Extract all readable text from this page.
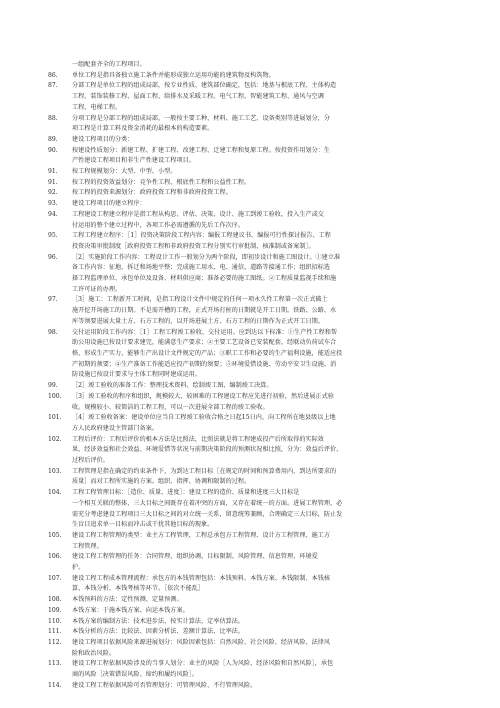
一组配套齐全的工程项目。
86.	单位工程是指具备独立施工条件并能形成独立运用功能的建筑物及构筑物。
87.	分部工程是单位工程的组成局部，按专业性质、建筑部位确定，包括：地基与根底工程、主体构造
工程、装饰装修工程、屋面工程、给排水及采暖工程、电气工程、智能建筑工程、通风与空调
工程、电梯工程。
88.	分项工程是分部工程的组成局部，一般按主要工种、材料、施工工艺、设备类别等进展划分，分
项工程是计算工料及资金消耗的最根本的构造要素。
89.	建设工程项目的分类：
90.	按建设性质划分：新建工程、扩建工程、改建工程、迁建工程和复原工程。按投资作用划分：生
产性建设工程项目和非生产性建设工程项目。
91.	按工程规模划分：大型、中型、小型。
91.	按工程的投资效益划分：竞争性工程、根底性工程和公益性工程。
92.	按工程的投资来源划分：政府投资工程和非政府投资工程。
93.	建设工程项目的建立程序：
94.	工程建设工程建立程序是指工程从构思、评估、决策、设计、施工到竣工验收、投入生产或交
付运用的整个建立过程中，各项工作必需遵循的先后工作次序。
95.	工程工程建立程序：［1］投资决策阶段工程内容：编报工程建议书、编报可行性探讨报告、工程
投资决策审批制度［政府投资工程和非政府投资工程分别实行审批制、核准制或备案制］。
96.	［2］实施阶段工作内容：工程设计工作一般划分为两个阶段，即初步设计和施工图设计。①建立准
备工作内容：征地、拆迁和场地平整；完成施工用水、电、通信、道路等接通工作；组织招标选
择工程监理单位、承包单位及设备、材料供应商；准备必要的施工图纸。②工程质量监视手续和施
工许可证的办理。
97.	［3］施工：工程新开工时间，是指工程设计文件中规定的任何一项永久性工程第一次正式破土
施开挖开场施工的日期。不是需开槽的工程，正式开场打桩的日期就是开工日期。铁路、公路、水
库等须要进展大量土方、石方工程的，以开场进展土方、石方工程的日期作为正式开工日期。
98.	交付运用阶段工作内容：［1］工程工程竣工验收、交付运用。应到达以下标准：①生产性工程和帮
助公用设施已按设计要求建完，能满意生产要求；②主要工艺设备已安装配套，经联动负荷试车合
格，形成生产实力，能够生产出设计文件规定的产品；③职工工作和必要的生产福利设施，能适应投
产初期的须要；④生产准备工作能适应投产初期的须要；⑤环境爱惜设施、劳动平安卫生设施、消
防设施已按设计要求与主体工程同时建成运用。
99.	［2］竣工验收的准备工作：整理技术资料、绘制竣工图、编制竣工决算。
100.	［3］竣工验收的程序和组织，规模较大、较困难的工程建设工程应先进行初验，然后进展正式验
收。规模较小、较简洁的工程工程，可以一次进展全部工程的竣工验收。
101.	［4］竣工验收备案：建设单位应当自工程竣工验收合格之日起15日内，向工程所在地县级以上地
方人民政府建设主管部门备案。
102.	工程后评价：工程后评价的根本方法是比照法，比照法就是将工程建成投产后所取得的实际效
果、经济效益和社会效益、环境爱惜等状况与前期决策阶段的预测状况相比照，分为：效益后评价、
过程后评价。
103.	工程管理是指在确定的约束条件下，为到达工程目标［在规定的时间和预算费用内，到达所要求的
质量］而对工程所实施的方案、组织、指挥、协调和限制的过程。
104.	工程工程管理目标：［造价、质量、进度］：建设工程的造价、质量和进度三大目标是
一个相互关联的整体，三大目标之间既存在着冲突的方面，又存在着统一的方面。进展工程管理，必
需充分考虑建设工程项目三大目标之间的对立统一关系，留意统筹兼顾，合理确定三大目标，防止发
生盲目追求单一目标而冲击或干扰其他目标的现象。
105.	建设工程工程管理的类型：业主方工程管理、工程总承包方工程管理、设计方工程管理、施工方
工程管理。
106.	建设工程工程管理的任务：合同管理、组织协调、目标限制、风险管理、信息管理、环境爱
护。
107.	建设工程工程成本管理流程：承包方的本钱管理包括：本钱预料、本钱方案、本钱限制、本钱核
算、本钱分析、本钱考核等环节。［依次不能乱］
108.	本钱预料的方法：定性预测、定量预测。
109.	本钱方案：于施本钱方案、向运本钱方案。
110.	本钱方案的编制方法：技术进步法、按实计算法、定率估算法。
111.	本钱分析的方法：比较法、因素分析法、差额计算法、比率法。
112.	建设工程项目依据风险来源进展划分：风险因素包括：自然风险、社会风险、经济风险、法律风
险和政治风险。
113.	建设工程工程依据风险涉及的当事人划分：业主的风险［人为风险、经济风险和自然风险］，承包
商的风险［决策错误风险、缔约和履约风险］。
114.	建设工程工程依据风险可否管理划分：可管理风险、不行管理风险。
